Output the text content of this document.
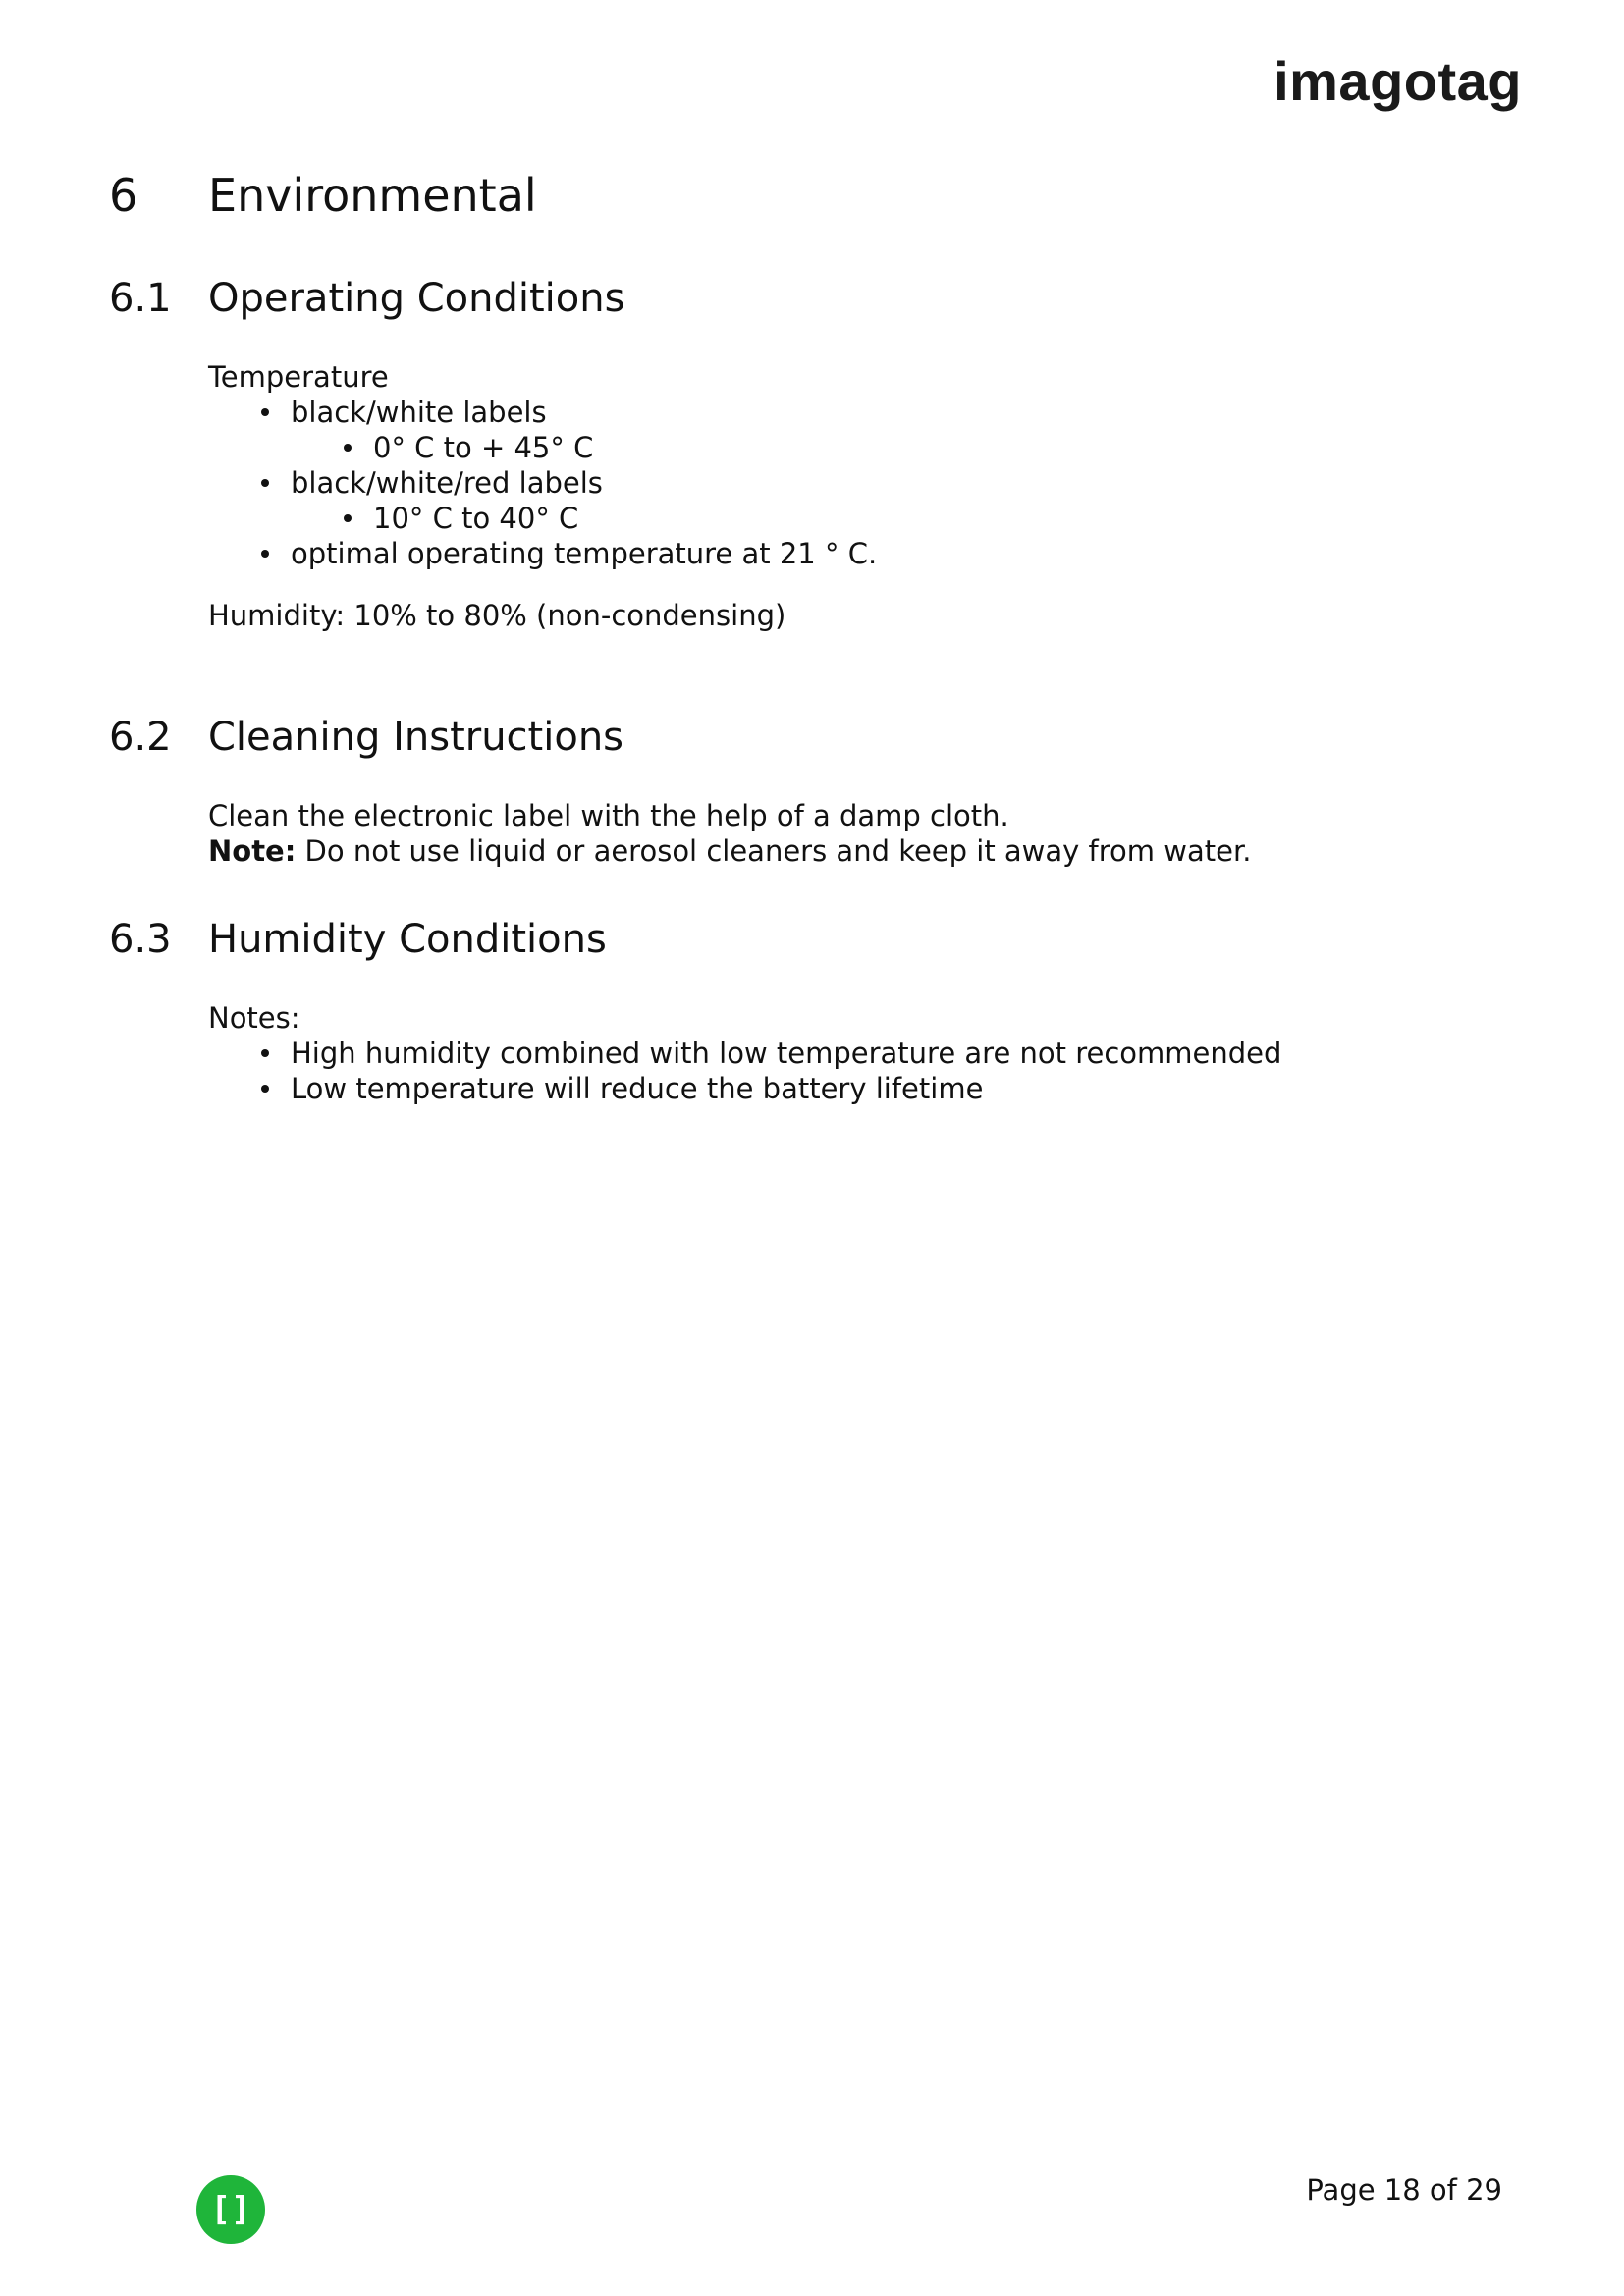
imagotag
6 Environmental
6.1 Operating Conditions

Temperature

black/white labels
0° C to + 45° C
black/white/red labels
10° C to 40° C
optimal operating temperature at 21 ° C.

Humidity: 10% to 80% (non-condensing)

6.2 Cleaning Instructions

Clean the electronic label with the help of a damp cloth.

Note: Do not use liquid or aerosol cleaners and keep it away from water.

6.3 Humidity Conditions

Notes:

High humidity combined with low temperature are not recommended
Low temperature will reduce the battery lifetime
[]	Page 18 of 29
